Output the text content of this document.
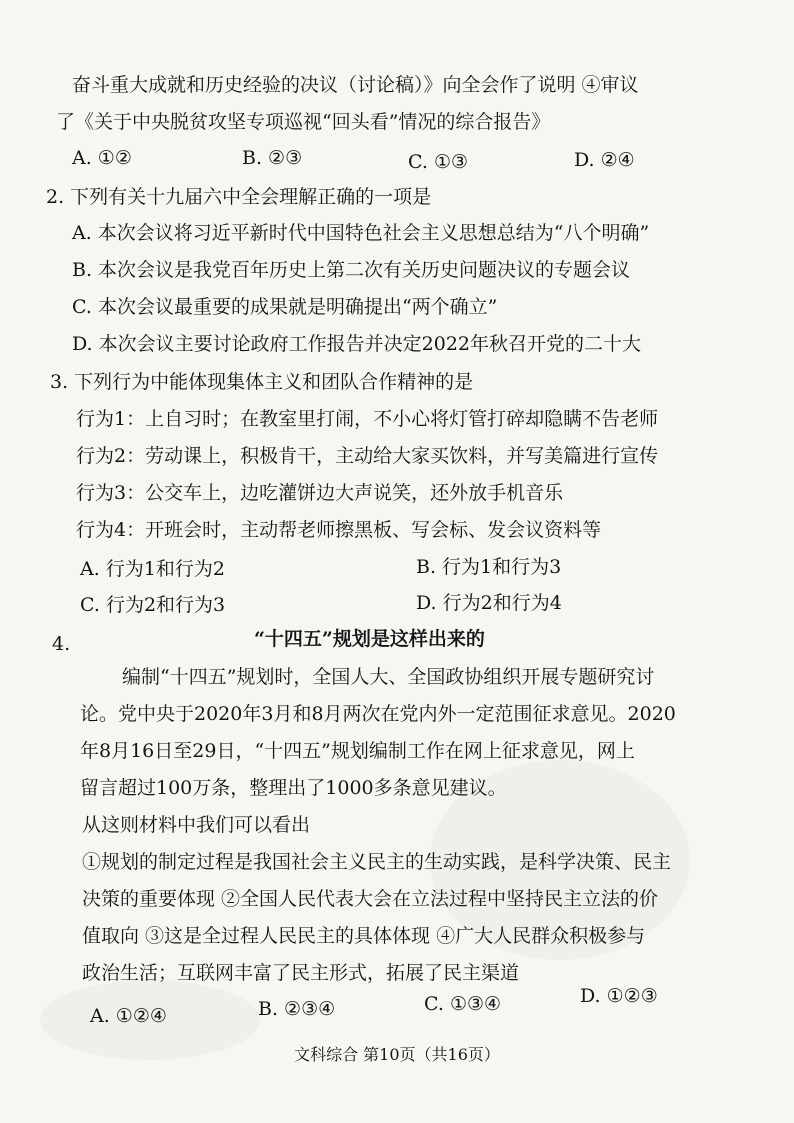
奋斗重大成就和历史经验的决议（讨论稿）》向全会作了说明 ④审议
了《关于中央脱贫攻坚专项巡视“回头看”情况的综合报告》
A. ①②	B. ②③	C. ①③	D. ②④
2. 下列有关十九届六中全会理解正确的一项是
A. 本次会议将习近平新时代中国特色社会主义思想总结为“八个明确”
B. 本次会议是我党百年历史上第二次有关历史问题决议的专题会议
C. 本次会议最重要的成果就是明确提出“两个确立”
D. 本次会议主要讨论政府工作报告并决定2022年秋召开党的二十大
3. 下列行为中能体现集体主义和团队合作精神的是
行为1：上自习时；在教室里打闹，不小心将灯管打碎却隐瞒不告老师
行为2：劳动课上，积极肯干，主动给大家买饮料，并写美篇进行宣传
行为3：公交车上，边吃灌饼边大声说笑，还外放手机音乐
行为4：开班会时，主动帮老师擦黑板、写会标、发会议资料等
A. 行为1和行为2	B. 行为1和行为3
C. 行为2和行为3	D. 行为2和行为4
4.	“十四五”规划是这样出来的
编制“十四五”规划时，全国人大、全国政协组织开展专题研究讨
论。党中央于2020年3月和8月两次在党内外一定范围征求意见。2020
年8月16日至29日，“十四五”规划编制工作在网上征求意见，网上
留言超过100万条，整理出了1000多条意见建议。
从这则材料中我们可以看出
①规划的制定过程是我国社会主义民主的生动实践，是科学决策、民主
决策的重要体现 ②全国人民代表大会在立法过程中坚持民主立法的价
值取向 ③这是全过程人民民主的具体体现 ④广大人民群众积极参与
政治生活；互联网丰富了民主形式，拓展了民主渠道
A. ①②④	B. ②③④	C. ①③④	D. ①②③
文科综合 第10页（共16页）
